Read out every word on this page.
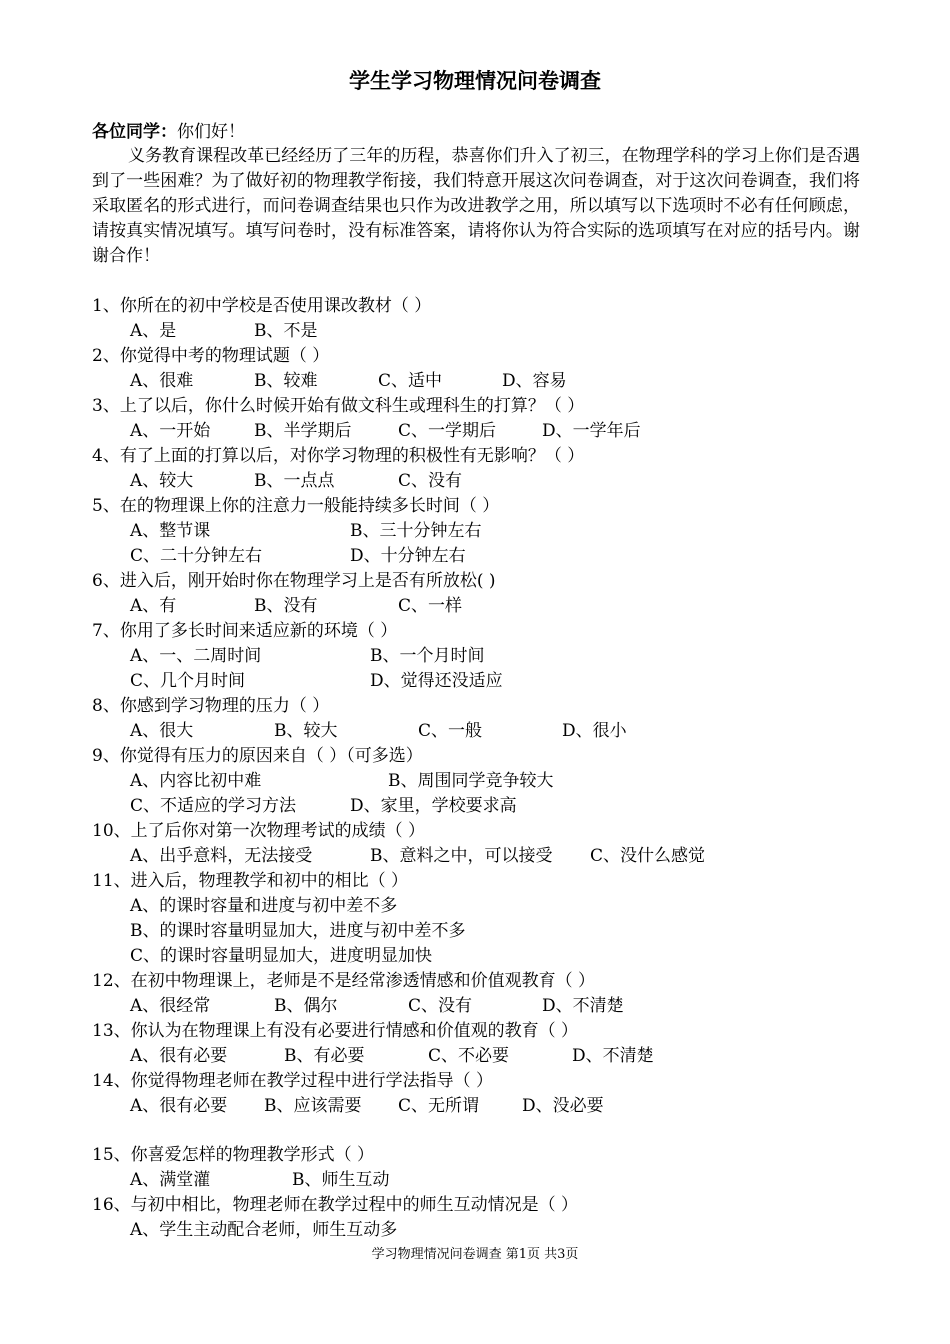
学生学习物理情况问卷调查
各位同学：你们好！

义务教育课程改革已经经历了三年的历程，恭喜你们升入了初三，在物理学科的学习上你们是否遇到了一些困难？为了做好初的物理教学衔接，我们特意开展这次问卷调查，对于这次问卷调查，我们将采取匿名的形式进行，而问卷调查结果也只作为改进教学之用，所以填写以下选项时不必有任何顾虑，请按真实情况填写。填写问卷时，没有标准答案，请将你认为符合实际的选项填写在对应的括号内。谢谢合作！

1、你所在的初中学校是否使用课改教材（ ）
A、是	B、不是
2、你觉得中考的物理试题（ ）
A、很难	B、较难	C、适中	D、容易
3、上了以后，你什么时候开始有做文科生或理科生的打算？（ ）
A、一开始	B、半学期后	C、一学期后	D、一学年后
4、有了上面的打算以后，对你学习物理的积极性有无影响？（ ）
A、较大	B、一点点	C、没有
5、在的物理课上你的注意力一般能持续多长时间（ ）
A、整节课	B、三十分钟左右
C、二十分钟左右	D、十分钟左右
6、进入后，刚开始时你在物理学习上是否有所放松( )
A、有	B、没有	C、一样
7、你用了多长时间来适应新的环境（ ）
A、一、二周时间	B、一个月时间
C、几个月时间	D、觉得还没适应
8、你感到学习物理的压力（ ）
A、很大	B、较大	C、一般	D、很小
9、你觉得有压力的原因来自（ ）（可多选）
A、内容比初中难	B、周围同学竞争较大
C、不适应的学习方法	D、家里，学校要求高
10、上了后你对第一次物理考试的成绩（ ）
A、出乎意料，无法接受	B、意料之中，可以接受 C、没什么感觉
11、进入后，物理教学和初中的相比（ ）
A、的课时容量和进度与初中差不多
B、的课时容量明显加大，进度与初中差不多
C、的课时容量明显加大，进度明显加快
12、在初中物理课上，老师是不是经常渗透情感和价值观教育（ ）
A、很经常	B、偶尔	C、没有	D、不清楚
13、你认为在物理课上有没有必要进行情感和价值观的教育（ ）
A、很有必要	B、有必要	C、不必要	D、不清楚
14、你觉得物理老师在教学过程中进行学法指导（ ）
A、很有必要 B、应该需要 C、无所谓	D、没必要
15、你喜爱怎样的物理教学形式（ ）
A、满堂灌	B、师生互动
16、与初中相比，物理老师在教学过程中的师生互动情况是（ ）
A、学生主动配合老师，师生互动多
学习物理情况问卷调查 第1页 共3页
